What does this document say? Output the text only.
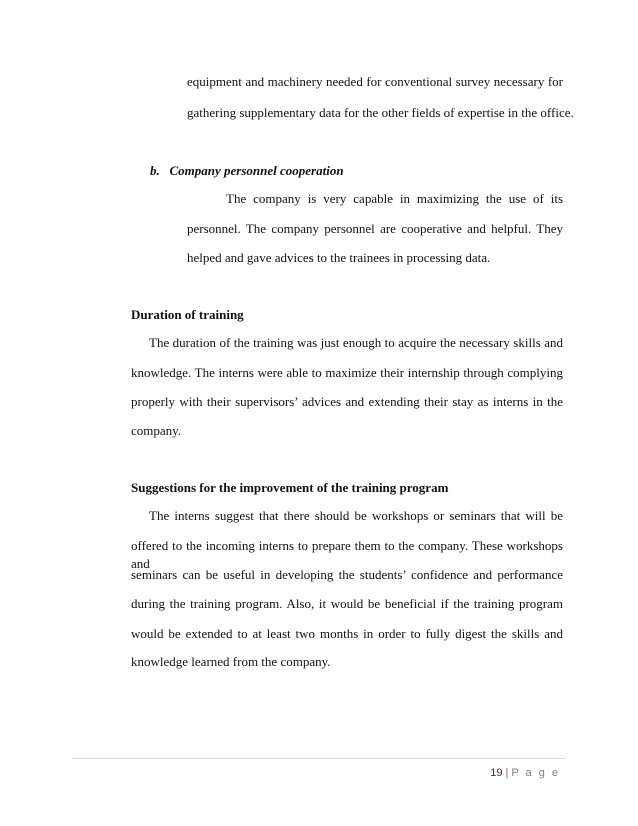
equipment and machinery needed for conventional survey necessary for
gathering supplementary data for the other fields of expertise in the office.
b.   Company personnel cooperation
The company is very capable in maximizing the use of its
personnel. The company personnel are cooperative and helpful. They
helped and gave advices to the trainees in processing data.
Duration of training
The duration of the training was just enough to acquire the necessary skills and
knowledge. The interns were able to maximize their internship through complying
properly with their supervisors’ advices and extending their stay as interns in the
company.
Suggestions for the improvement of the training program
The interns suggest that there should be workshops or seminars that will be
offered to the incoming interns to prepare them to the company. These workshops and
seminars can be useful in developing the students’ confidence and performance
during the training program. Also, it would be beneficial if the training program
would be extended to at least two months in order to fully digest the skills and
knowledge learned from the company.
19 | P a g e
